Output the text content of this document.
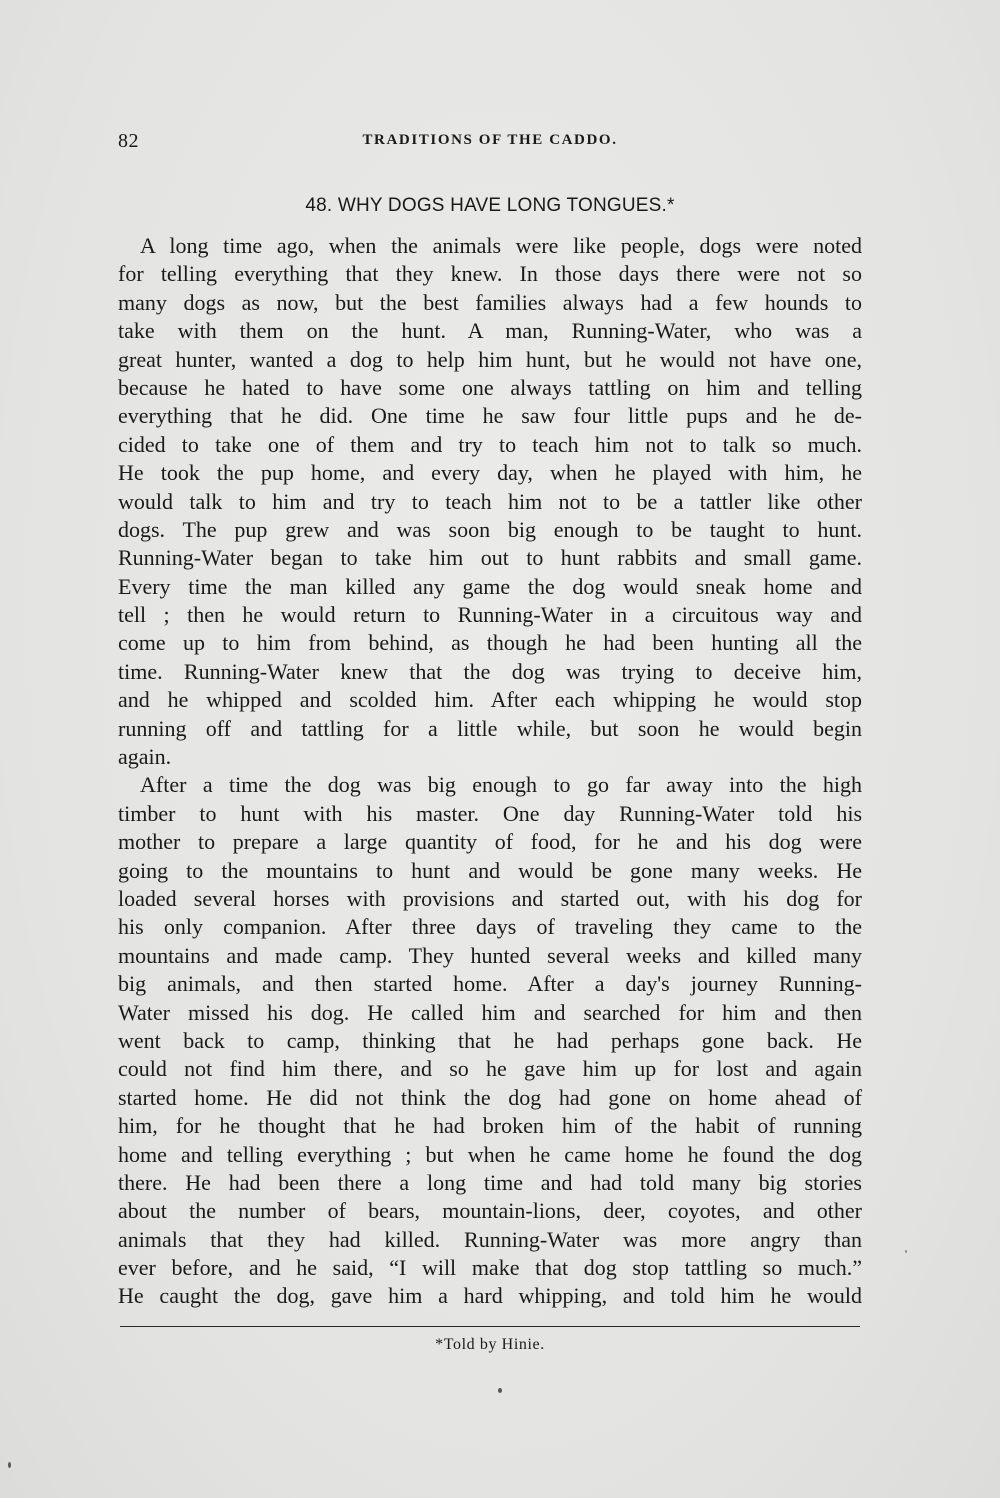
82	TRADITIONS OF THE CADDO.
48. WHY DOGS HAVE LONG TONGUES.*
 A long time ago, when the animals were like people, dogs were noted
for telling everything that they knew. In those days there were not so
many dogs as now, but the best families always had a few hounds to
take with them on the hunt. A man, Running-Water, who was a
great hunter, wanted a dog to help him hunt, but he would not have one,
because he hated to have some one always tattling on him and telling
everything that he did. One time he saw four little pups and he de-
cided to take one of them and try to teach him not to talk so much.
He took the pup home, and every day, when he played with him, he
would talk to him and try to teach him not to be a tattler like other
dogs. The pup grew and was soon big enough to be taught to hunt.
Running-Water began to take him out to hunt rabbits and small game.
Every time the man killed any game the dog would sneak home and
tell ; then he would return to Running-Water in a circuitous way and
come up to him from behind, as though he had been hunting all the
time. Running-Water knew that the dog was trying to deceive him,
and he whipped and scolded him. After each whipping he would stop
running off and tattling for a little while, but soon he would begin
again.
 After a time the dog was big enough to go far away into the high
timber to hunt with his master. One day Running-Water told his
mother to prepare a large quantity of food, for he and his dog were
going to the mountains to hunt and would be gone many weeks. He
loaded several horses with provisions and started out, with his dog for
his only companion. After three days of traveling they came to the
mountains and made camp. They hunted several weeks and killed many
big animals, and then started home. After a day's journey Running-
Water missed his dog. He called him and searched for him and then
went back to camp, thinking that he had perhaps gone back. He
could not find him there, and so he gave him up for lost and again
started home. He did not think the dog had gone on home ahead of
him, for he thought that he had broken him of the habit of running
home and telling everything ; but when he came home he found the dog
there. He had been there a long time and had told many big stories
about the number of bears, mountain-lions, deer, coyotes, and other
animals that they had killed. Running-Water was more angry than
ever before, and he said, “I will make that dog stop tattling so much.”
He caught the dog, gave him a hard whipping, and told him he would
*Told by Hinie.
